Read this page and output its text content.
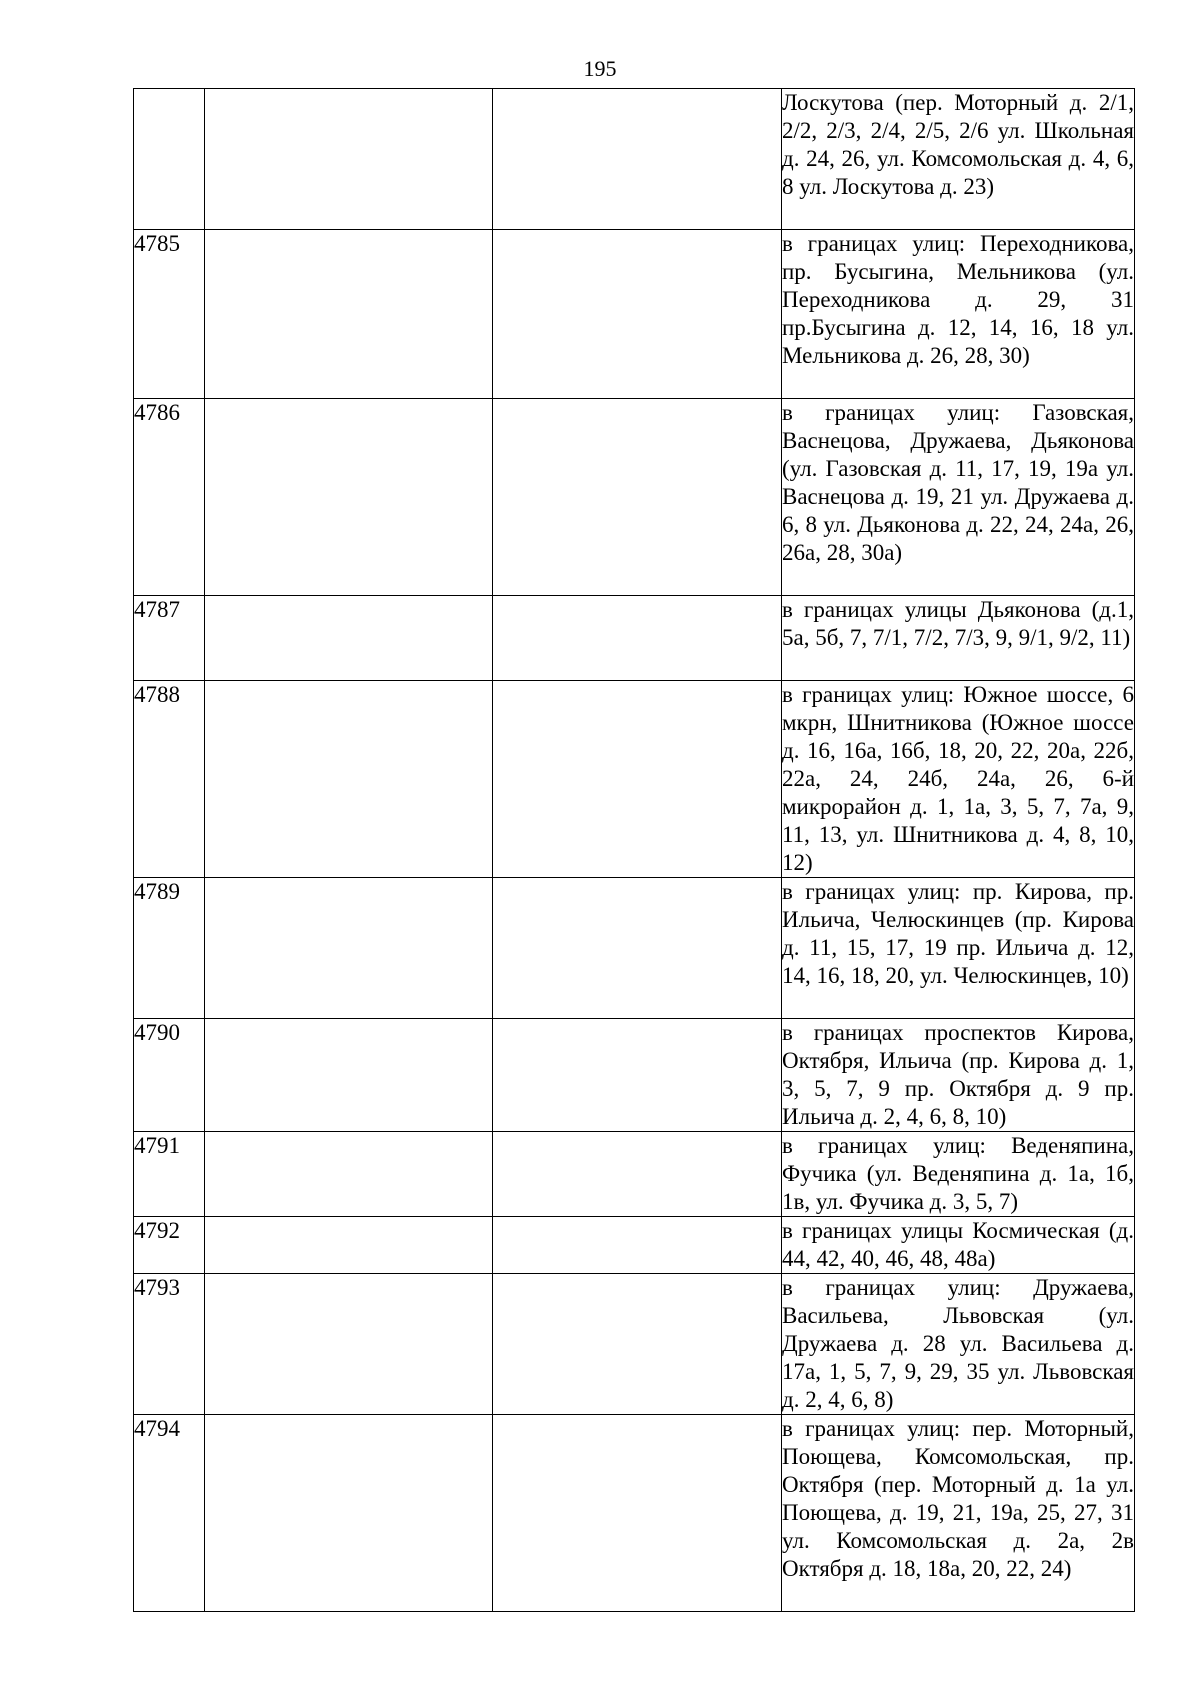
195
			Лоскутова (пер. Моторный д. 2/1, 2/2, 2/3, 2/4, 2/5, 2/6 ул. Школьная д. 24, 26, ул. Комсомольская д. 4, 6, 8 ул. Лоскутова д. 23)
4785			в границах улиц: Переходникова, пр. Бусыгина, Мельникова (ул. Переходникова д. 29, 31 пр.Бусыгина д. 12, 14, 16, 18 ул. Мельникова д. 26, 28, 30)
4786			в границах улиц: Газовская, Васнецова, Дружаева, Дьяконова (ул. Газовская д. 11, 17, 19, 19а ул. Васнецова д. 19, 21 ул. Дружаева д. 6, 8 ул. Дьяконова д. 22, 24, 24а, 26, 26а, 28, 30а)
4787			в границах улицы Дьяконова (д.1, 5а, 5б, 7, 7/1, 7/2, 7/3, 9, 9/1, 9/2, 11)
4788			в границах улиц: Южное шоссе, 6 мкрн, Шнитникова (Южное шоссе д. 16, 16а, 16б, 18, 20, 22, 20а, 22б, 22а, 24, 24б, 24а, 26, 6-й микрорайон д. 1, 1а, 3, 5, 7, 7а, 9, 11, 13, ул. Шнитникова д. 4, 8, 10, 12)
4789			в границах улиц: пр. Кирова, пр. Ильича, Челюскинцев (пр. Кирова д. 11, 15, 17, 19 пр. Ильича д. 12, 14, 16, 18, 20, ул. Челюскинцев, 10)
4790			в границах проспектов Кирова, Октября, Ильича (пр. Кирова д. 1, 3, 5, 7, 9 пр. Октября д. 9 пр. Ильича д. 2, 4, 6, 8, 10)
4791			в границах улиц: Веденяпина, Фучика (ул. Веденяпина д. 1а, 1б, 1в, ул. Фучика д. 3, 5, 7)
4792			в границах улицы Космическая (д. 44, 42, 40, 46, 48, 48а)
4793			в границах улиц: Дружаева, Васильева, Львовская (ул. Дружаева д. 28 ул. Васильева д. 17а, 1, 5, 7, 9, 29, 35 ул. Львовская д. 2, 4, 6, 8)
4794			в границах улиц: пер. Моторный, Поющева, Комсомольская, пр. Октября (пер. Моторный д. 1а ул. Поющева, д. 19, 21, 19а, 25, 27, 31 ул. Комсомольская д. 2а, 2в Октября д. 18, 18а, 20, 22, 24)
